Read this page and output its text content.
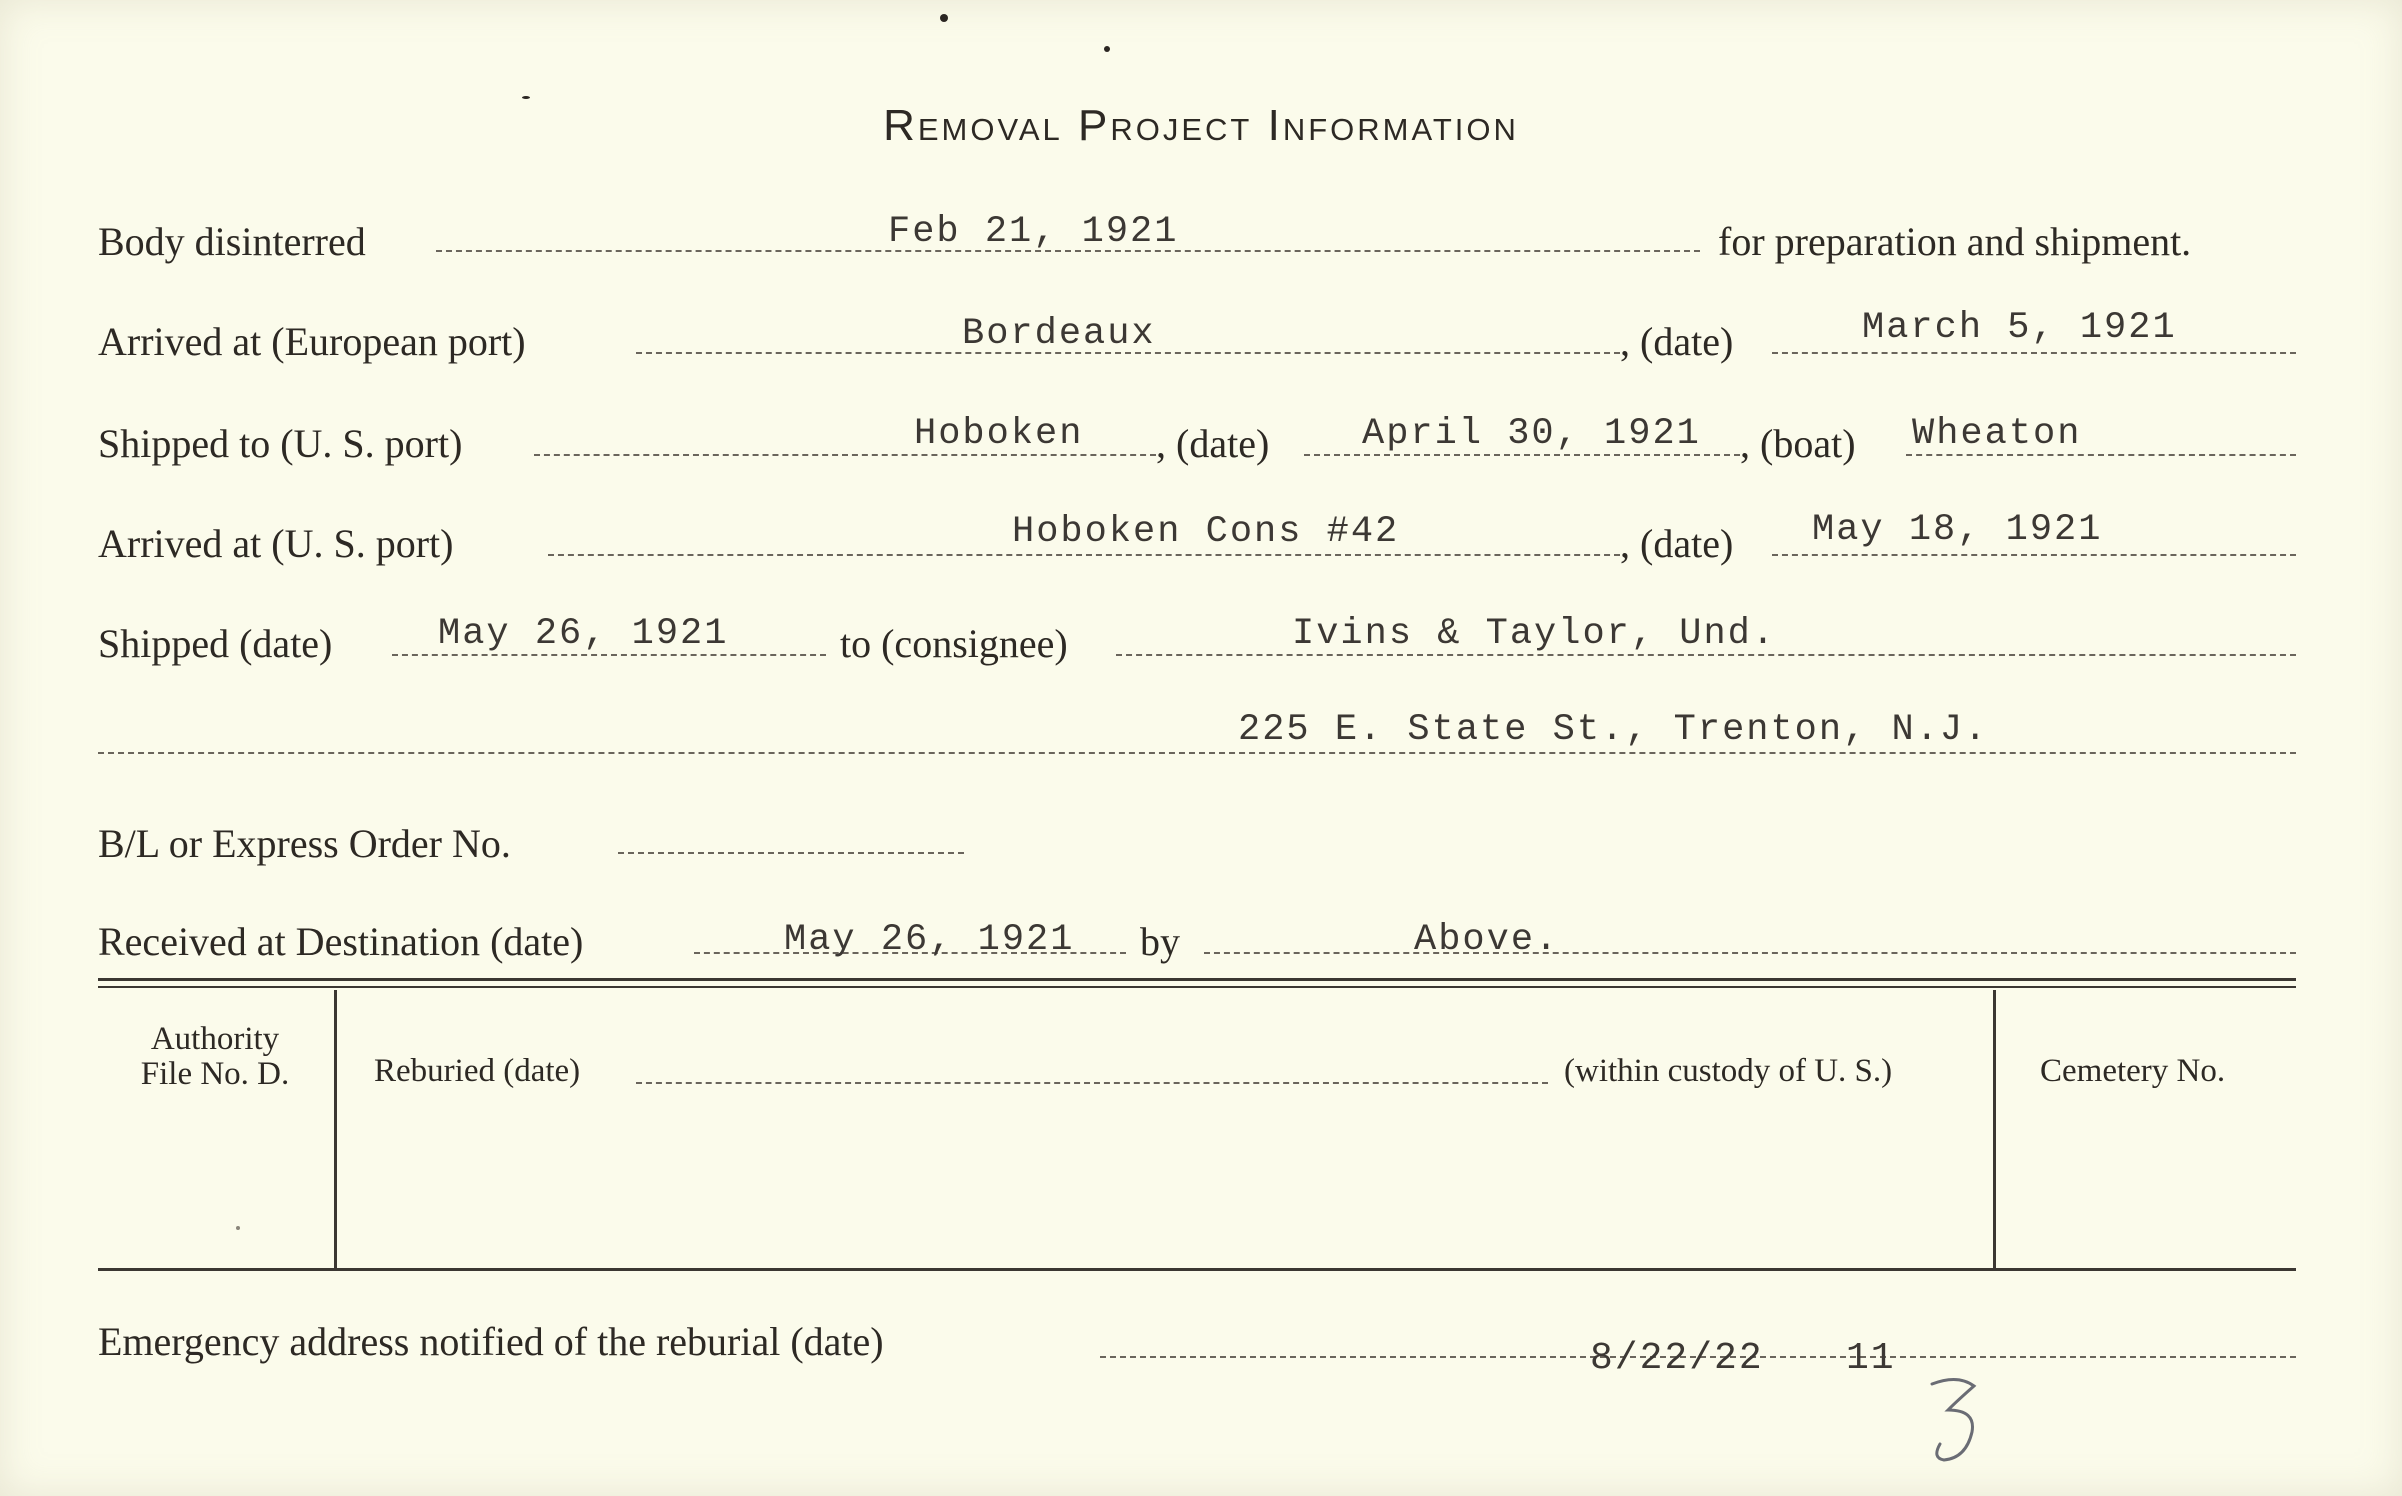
Removal Project Information
Body disinterred	Feb 21, 1921	for preparation and shipment.
Arrived at (European port)	Bordeaux	, (date)	March 5, 1921
Shipped to (U. S. port)	Hoboken , (date)	April 30, 1921 , (boat) Wheaton
Arrived at (U. S. port)	Hoboken Cons #42	, (date) May 18, 1921
Shipped (date)	May 26, 1921	to (consignee)	Ivins & Taylor, Und.
225 E. State St., Trenton, N.J.
B/L or Express Order No.
Received at Destination (date)	May 26, 1921 by	Above.
Authority
File No. D.	Reburied (date)	(within custody of U. S.)	Cemetery No.
Emergency address notified of the reburial (date)	8/22/22 11
